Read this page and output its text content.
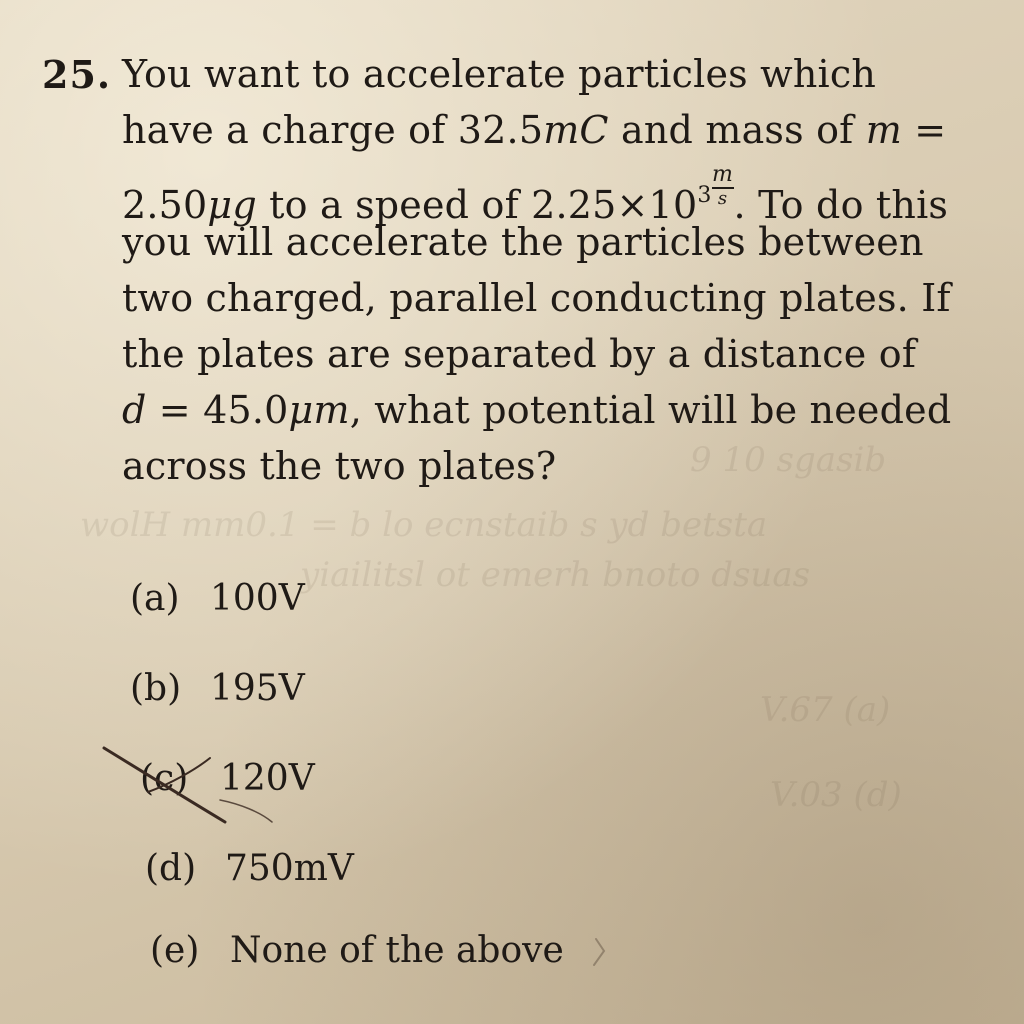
wolH mm0.1 = b lo ecnstaib s yd betsta
yiailitsl ot emerh bnoto dsuas
9 10 sgasib
V.67 (a)
V.03 (d)
25. You want to accelerate particles which
have a charge of 32.5mC and mass of m =
2.50μg to a speed of $2.25\times 10^3 \frac{m}{s}$ . To do this
you will accelerate the particles between
two charged, parallel conducting plates. If
the plates are separated by a distance of
d = 45.0μm, what potential will be needed
across the two plates?
(a) 100V
(b) 195V
(c) 120V
(d) 750mV
(e) None of the above
